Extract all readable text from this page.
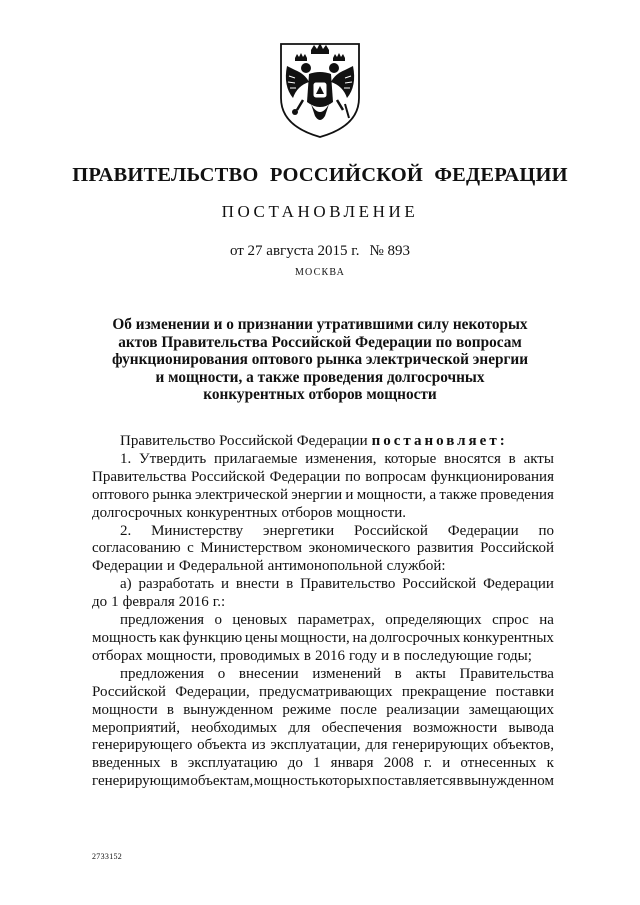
ПРАВИТЕЛЬСТВО РОССИЙСКОЙ ФЕДЕРАЦИИ
ПОСТАНОВЛЕНИЕ
от 27 августа 2015 г. № 893
МОСКВА
Об изменении и о признании утратившими силу некоторых
актов Правительства Российской Федерации по вопросам
функционирования оптового рынка электрической энергии
и мощности, а также проведения долгосрочных
конкурентных отборов мощности
Правительство Российской Федерации постановляет:
1. Утвердить прилагаемые изменения, которые вносятся в акты
Правительства Российской Федерации по вопросам функционирования
оптового рынка электрической энергии и мощности, а также проведения
долгосрочных конкурентных отборов мощности.
2. Министерству энергетики Российской Федерации по
согласованию с Министерством экономического развития Российской
Федерации и Федеральной антимонопольной службой:
а) разработать и внести в Правительство Российской Федерации
до 1 февраля 2016 г.:
предложения о ценовых параметрах, определяющих спрос на
мощность как функцию цены мощности, на долгосрочных конкурентных
отборах мощности, проводимых в 2016 году и в последующие годы;
предложения о внесении изменений в акты Правительства
Российской Федерации, предусматривающих прекращение поставки
мощности в вынужденном режиме после реализации замещающих
мероприятий, необходимых для обеспечения возможности вывода
генерирующего объекта из эксплуатации, для генерирующих объектов,
введенных в эксплуатацию до 1 января 2008 г. и отнесенных к
генерирующим объектам, мощность которых поставляется в вынужденном
2733152
